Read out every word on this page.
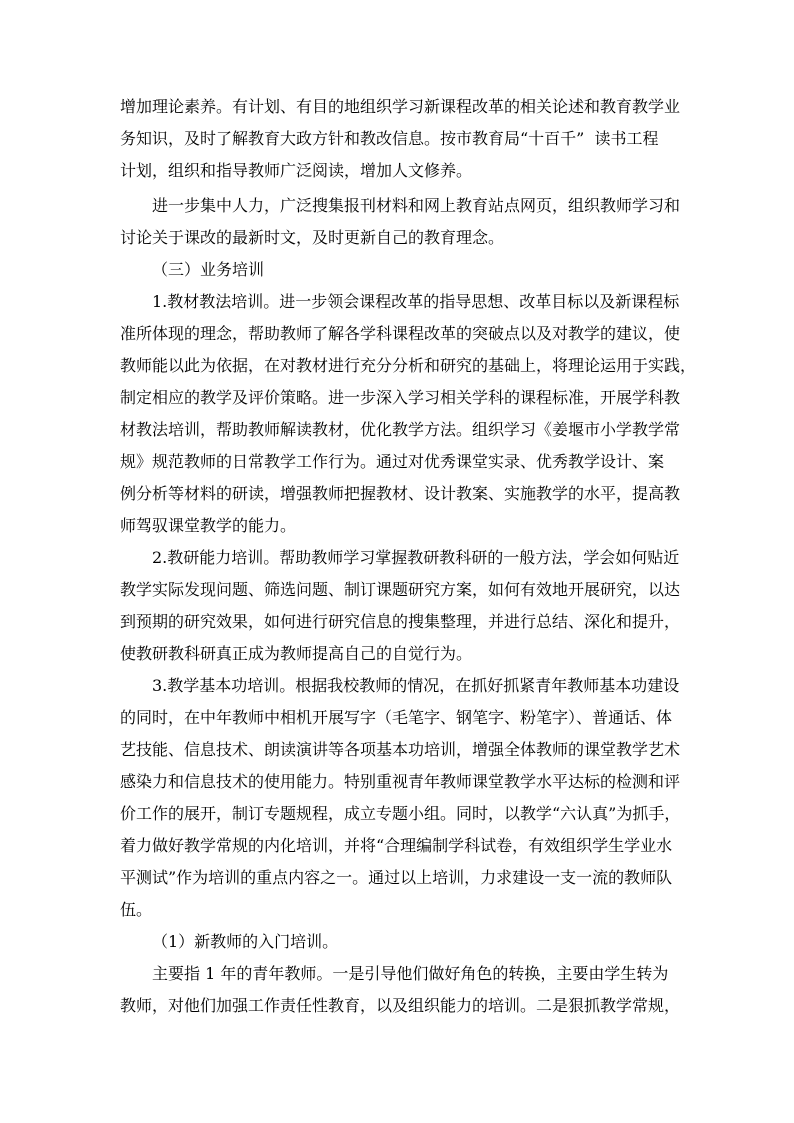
增加理论素养。有计划、有目的地组织学习新课程改革的相关论述和教育教学业
务知识，及时了解教育大政方针和教改信息。按市教育局“十百千”  读书工程
计划，组织和指导教师广泛阅读，增加人文修养。
进一步集中人力，广泛搜集报刊材料和网上教育站点网页，组织教师学习和
讨论关于课改的最新时文，及时更新自己的教育理念。
（三）业务培训
1.教材教法培训。进一步领会课程改革的指导思想、改革目标以及新课程标
准所体现的理念，帮助教师了解各学科课程改革的突破点以及对教学的建议，使
教师能以此为依据，在对教材进行充分分析和研究的基础上，将理论运用于实践，
制定相应的教学及评价策略。进一步深入学习相关学科的课程标准，开展学科教
材教法培训，帮助教师解读教材，优化教学方法。组织学习《姜堰市小学教学常
规》规范教师的日常教学工作行为。通过对优秀课堂实录、优秀教学设计、案
例分析等材料的研读，增强教师把握教材、设计教案、实施教学的水平，提高教
师驾驭课堂教学的能力。
2.教研能力培训。帮助教师学习掌握教研教科研的一般方法，学会如何贴近
教学实际发现问题、筛选问题、制订课题研究方案，如何有效地开展研究，以达
到预期的研究效果，如何进行研究信息的搜集整理，并进行总结、深化和提升，
使教研教科研真正成为教师提高自己的自觉行为。
3.教学基本功培训。根据我校教师的情况，在抓好抓紧青年教师基本功建设
的同时，在中年教师中相机开展写字（毛笔字、钢笔字、粉笔字）、普通话、体
艺技能、信息技术、朗读演讲等各项基本功培训，增强全体教师的课堂教学艺术
感染力和信息技术的使用能力。特别重视青年教师课堂教学水平达标的检测和评
价工作的展开，制订专题规程，成立专题小组。同时，以教学“六认真”为抓手，
着力做好教学常规的内化培训，并将“合理编制学科试卷，有效组织学生学业水
平测试”作为培训的重点内容之一。通过以上培训，力求建设一支一流的教师队
伍。
（1）新教师的入门培训。
主要指 1 年的青年教师。一是引导他们做好角色的转换，主要由学生转为
教师，对他们加强工作责任性教育，以及组织能力的培训。二是狠抓教学常规，
